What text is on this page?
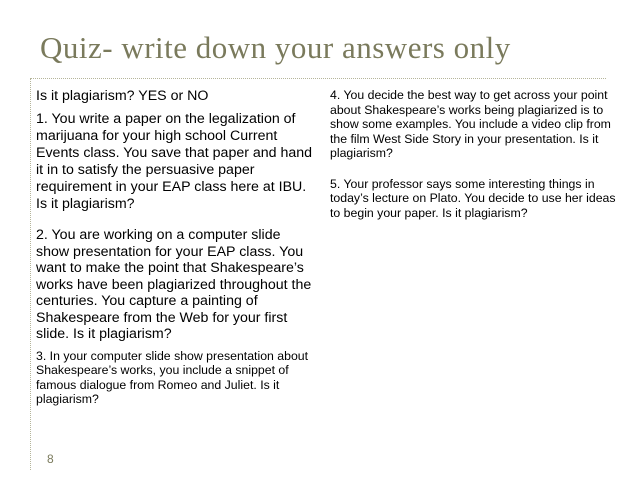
Quiz- write down your answers only

Is it plagiarism? YES or NO

1. You write a paper on the legalization of marijuana for your high school Current Events class. You save that paper and hand it in to satisfy the persuasive paper requirement in your EAP class here at IBU. Is it plagiarism?

2. You are working on a computer slide show presentation for your EAP class. You want to make the point that Shakespeare’s works have been plagiarized throughout the centuries. You capture a painting of Shakespeare from the Web for your first slide. Is it plagiarism?

3. In your computer slide show presentation about Shakespeare’s works, you include a snippet of famous dialogue from Romeo and Juliet. Is it plagiarism?

4. You decide the best way to get across your point about Shakespeare’s works being plagiarized is to show some examples. You include a video clip from the film West Side Story in your presentation. Is it plagiarism?

5. Your professor says some interesting things in today’s lecture on Plato. You decide to use her ideas to begin your paper. Is it plagiarism?

8
